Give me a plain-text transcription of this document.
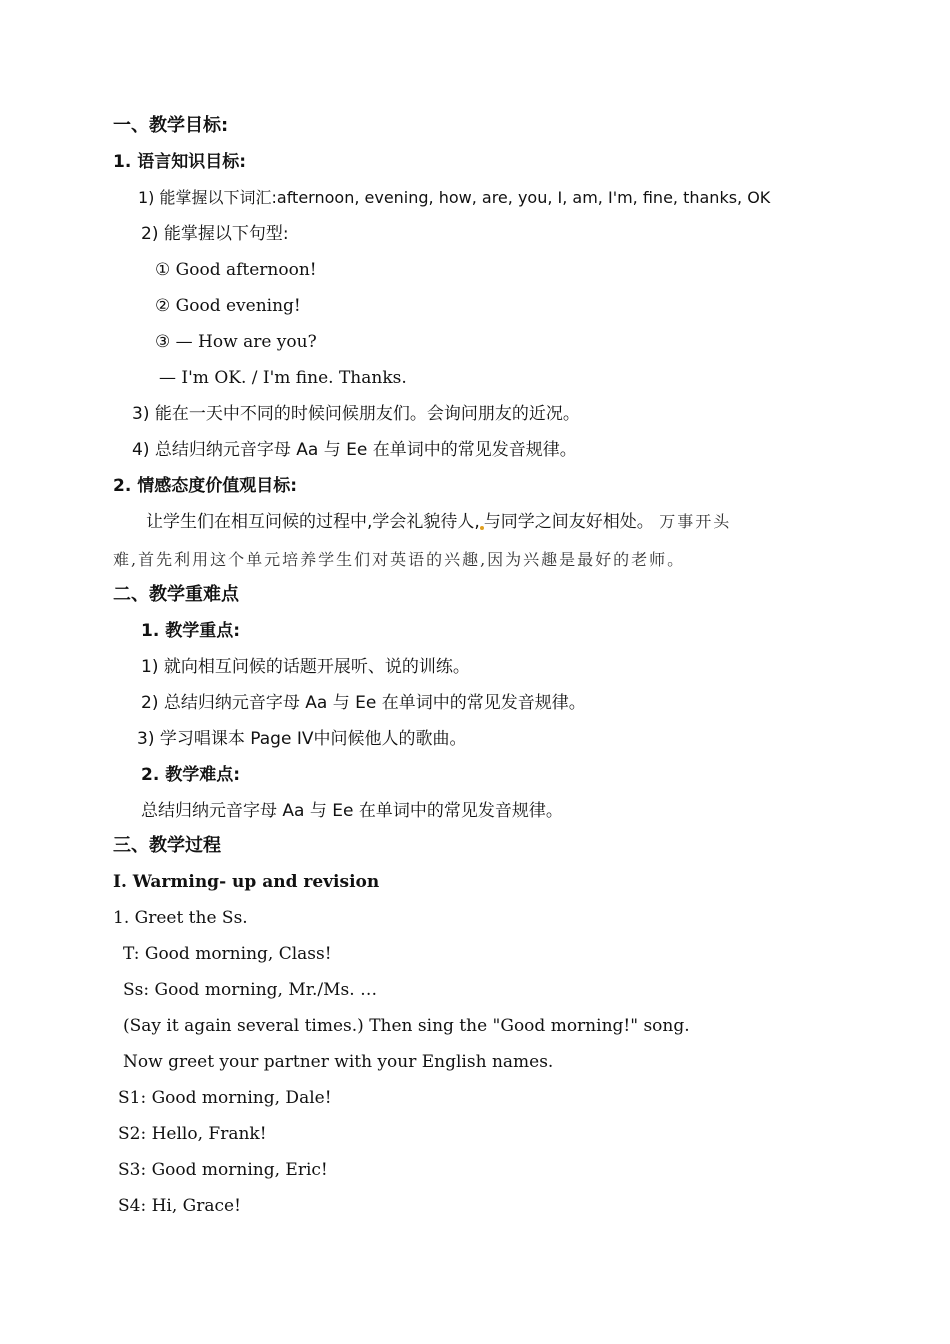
一、教学目标:
1. 语言知识目标:
1) 能掌握以下词汇:afternoon, evening, how, are, you, I, am, I'm, fine, thanks, OK
2) 能掌握以下句型:
① Good afternoon!
② Good evening!
③ — How are you?
— I'm OK. / I'm fine. Thanks.
3) 能在一天中不同的时候问候朋友们。会询问朋友的近况。
4) 总结归纳元音字母 Aa 与 Ee 在单词中的常见发音规律。
2. 情感态度价值观目标:
让学生们在相互问候的过程中,学会礼貌待人, 与同学之间友好相处。 万事开头
难,首先利用这个单元培养学生们对英语的兴趣,因为兴趣是最好的老师。
二、教学重难点
1. 教学重点:
1) 就向相互问候的话题开展听、说的训练。
2) 总结归纳元音字母 Aa 与 Ee 在单词中的常见发音规律。
3) 学习唱课本 Page IV中问候他人的歌曲。
2. 教学难点:
总结归纳元音字母 Aa 与 Ee 在单词中的常见发音规律。
三、教学过程
I. Warming- up and revision
1. Greet the Ss.
T: Good morning, Class!
Ss: Good morning, Mr./Ms. …
(Say it again several times.) Then sing the "Good morning!" song.
Now greet your partner with your English names.
S1: Good morning, Dale!
S2: Hello, Frank!
S3: Good morning, Eric!
S4: Hi, Grace!
